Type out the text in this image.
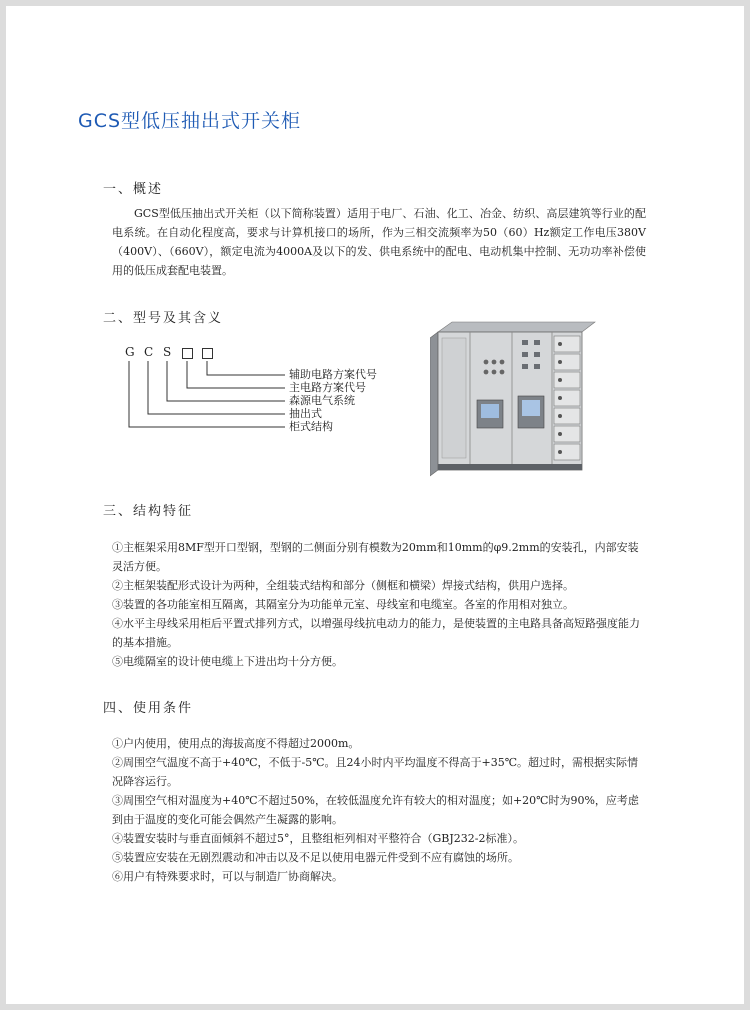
GCS型低压抽出式开关柜
一、概述

GCS型低压抽出式开关柜（以下简称装置）适用于电厂、石油、化工、冶金、纺织、高层建筑等行业的配电系统。在自动化程度高，要求与计算机接口的场所，作为三相交流频率为50（60）Hz额定工作电压380V（400V）、（660V），额定电流为4000A及以下的发、供电系统中的配电、电动机集中控制、无功功率补偿使用的低压成套配电装置。

二、型号及其含义
G C S
辅助电路方案代号
主电路方案代号
森源电气系统
抽出式
柜式结构
三、结构特征
①主框架采用8MF型开口型钢，型钢的二侧面分别有模数为20mm和10mm的φ9.2mm的安装孔，内部安装灵活方便。
②主框架装配形式设计为两种，全组装式结构和部分（侧框和横梁）焊接式结构，供用户选择。
③装置的各功能室相互隔离，其隔室分为功能单元室、母线室和电缆室。各室的作用相对独立。
④水平主母线采用柜后平置式排列方式，以增强母线抗电动力的能力，是使装置的主电路具备高短路强度能力的基本措施。
⑤电缆隔室的设计使电缆上下进出均十分方便。
四、使用条件
①户内使用，使用点的海拔高度不得超过2000m。
②周围空气温度不高于+40℃，不低于-5℃。且24小时内平均温度不得高于+35℃。超过时，需根据实际情况降容运行。
③周围空气相对温度为+40℃不超过50%，在较低温度允许有较大的相对温度；如+20℃时为90%，应考虑到由于温度的变化可能会偶然产生凝露的影响。
④装置安装时与垂直面倾斜不超过5°，且整组柜列相对平整符合（GBJ232-2标准）。
⑤装置应安装在无剧烈震动和冲击以及不足以使用电器元件受到不应有腐蚀的场所。
⑥用户有特殊要求时，可以与制造厂协商解决。
